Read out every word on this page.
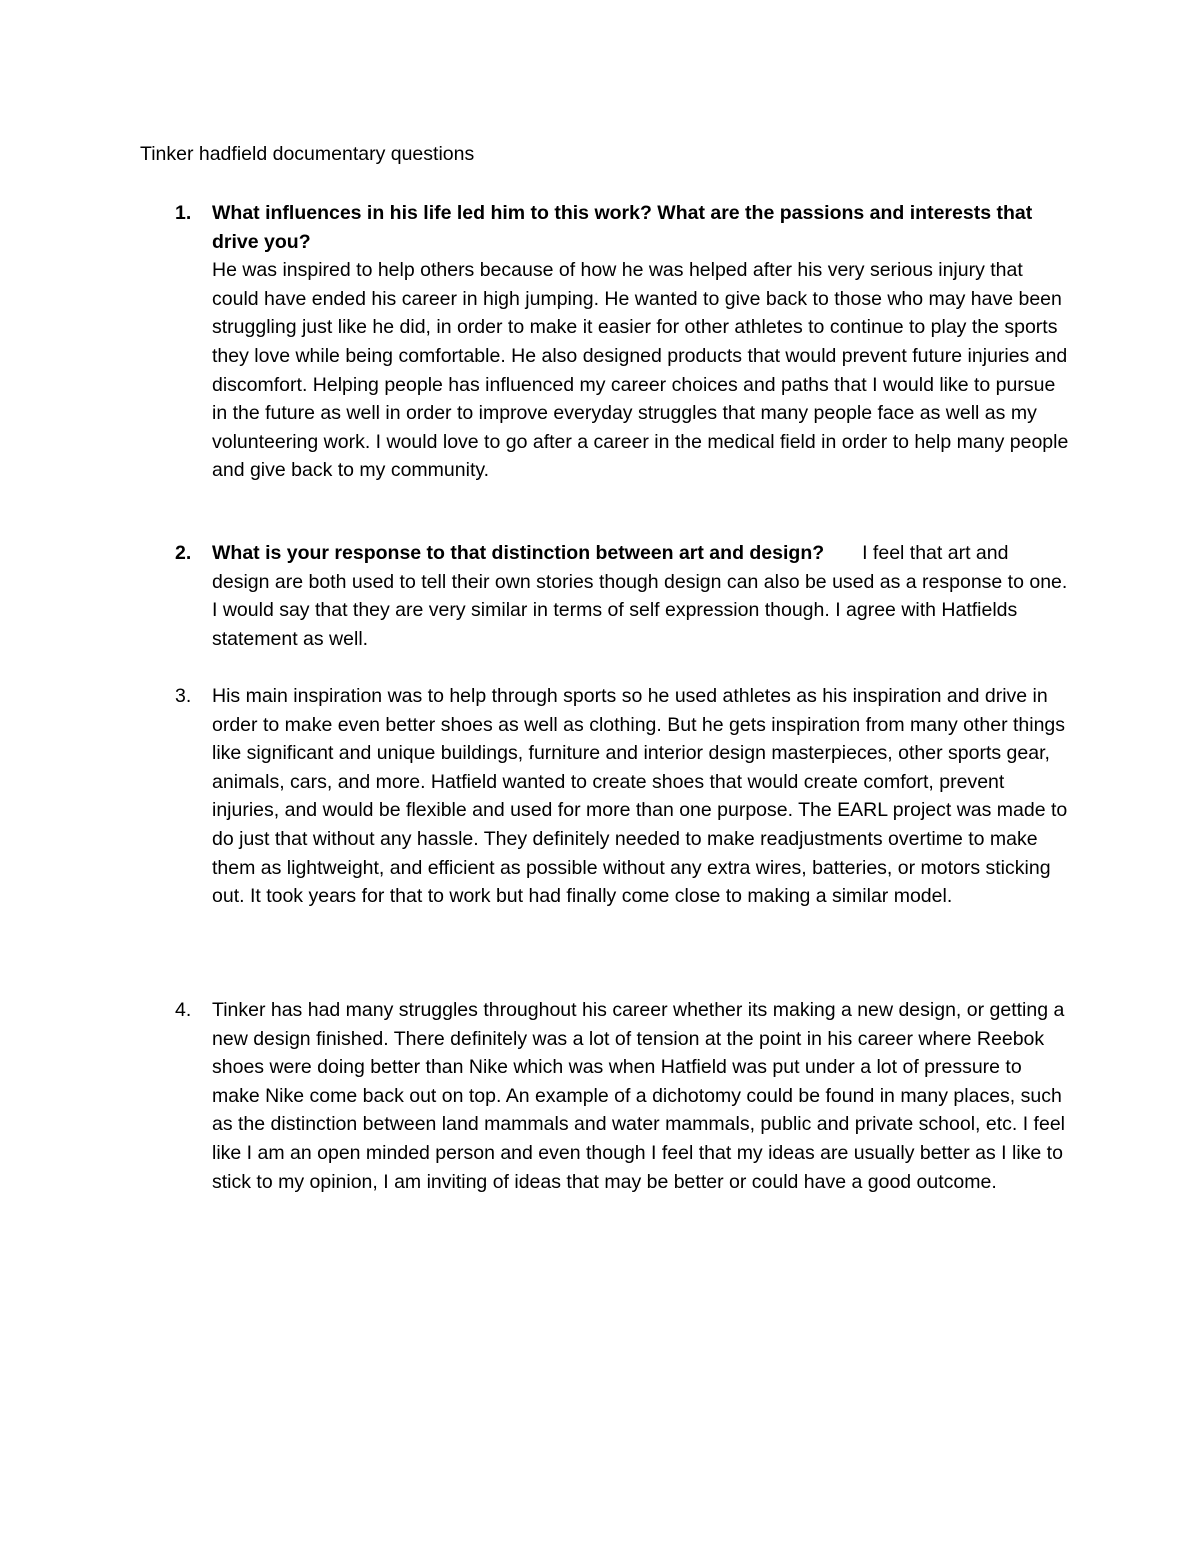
Tinker hadfield documentary questions
1. What influences in his life led him to this work? What are the passions and interests that drive you?
He was inspired to help others because of how he was helped after his very serious injury that could have ended his career in high jumping. He wanted to give back to those who may have been struggling just like he did, in order to make it easier for other athletes to continue to play the sports they love while being comfortable. He also designed products that would prevent future injuries and discomfort. Helping people has influenced my career choices and paths that I would like to pursue in the future as well in order to improve everyday struggles that many people face as well as my volunteering work. I would love to go after a career in the medical field in order to help many people and give back to my community.
2. What is your response to that distinction between art and design? I feel that art and design are both used to tell their own stories though design can also be used as a response to one. I would say that they are very similar in terms of self expression though. I agree with Hatfields statement as well.
3. His main inspiration was to help through sports so he used athletes as his inspiration and drive in order to make even better shoes as well as clothing. But he gets inspiration from many other things like significant and unique buildings, furniture and interior design masterpieces, other sports gear, animals, cars, and more. Hatfield wanted to create shoes that would create comfort, prevent injuries, and would be flexible and used for more than one purpose. The EARL project was made to do just that without any hassle. They definitely needed to make readjustments overtime to make them as lightweight, and efficient as possible without any extra wires, batteries, or motors sticking out. It took years for that to work but had finally come close to making a similar model.
4. Tinker has had many struggles throughout his career whether its making a new design, or getting a new design finished. There definitely was a lot of tension at the point in his career where Reebok shoes were doing better than Nike which was when Hatfield was put under a lot of pressure to make Nike come back out on top. An example of a dichotomy could be found in many places, such as the distinction between land mammals and water mammals, public and private school, etc. I feel like I am an open minded person and even though I feel that my ideas are usually better as I like to stick to my opinion, I am inviting of ideas that may be better or could have a good outcome.
